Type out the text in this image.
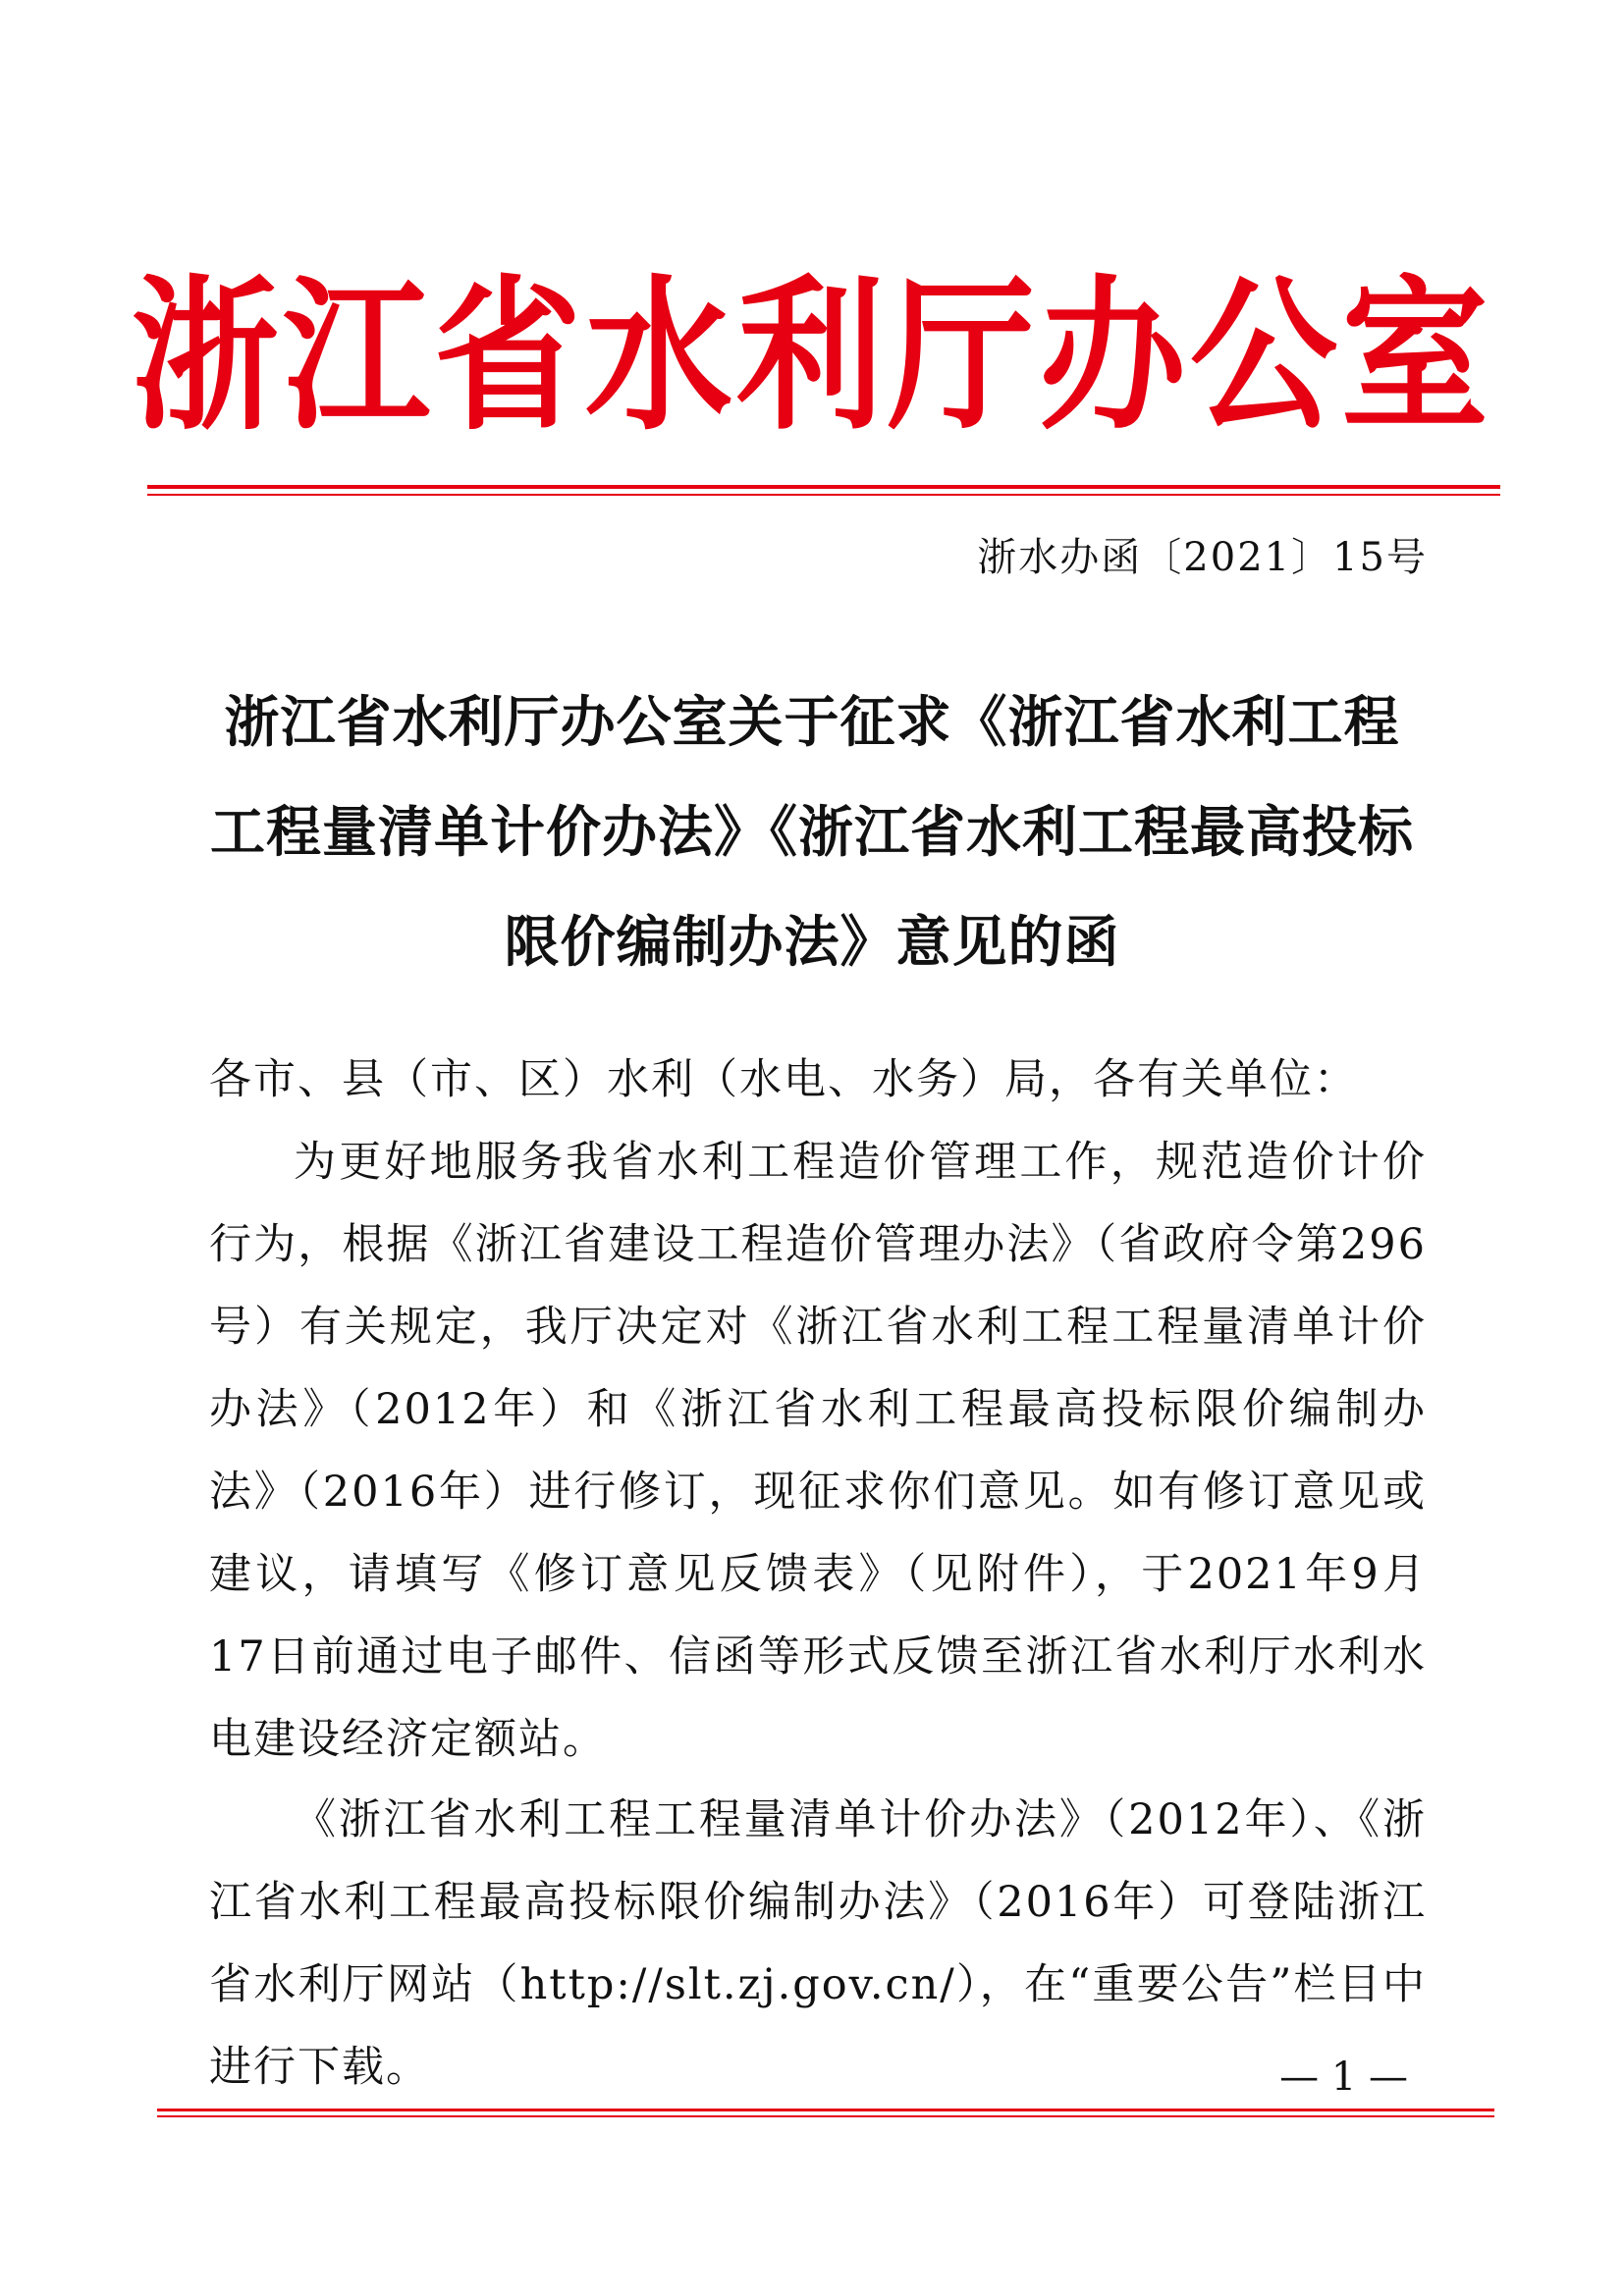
浙江省水利厅办公室
浙水办函〔2021〕15号
浙江省水利厅办公室关于征求《浙江省水利工程
工程量清单计价办法》《浙江省水利工程最高投标
限价编制办法》意见的函
各市、县（市、区）水利（水电、水务）局，各有关单位：
为更好地服务我省水利工程造价管理工作，规范造价计价行为，根据《浙江省建设工程造价管理办法》（省政府令第296号）有关规定，我厅决定对《浙江省水利工程工程量清单计价办法》（2012年）和《浙江省水利工程最高投标限价编制办法》（2016年）进行修订，现征求你们意见。如有修订意见或建议，请填写《修订意见反馈表》（见附件），于2021年9月17日前通过电子邮件、信函等形式反馈至浙江省水利厅水利水电建设经济定额站。
《浙江省水利工程工程量清单计价办法》（2012年）、《浙江省水利工程最高投标限价编制办法》（2016年）可登陆浙江省水利厅网站（http://slt.zj.gov.cn/），在“重要公告”栏目中进行下载。	— 1 —
